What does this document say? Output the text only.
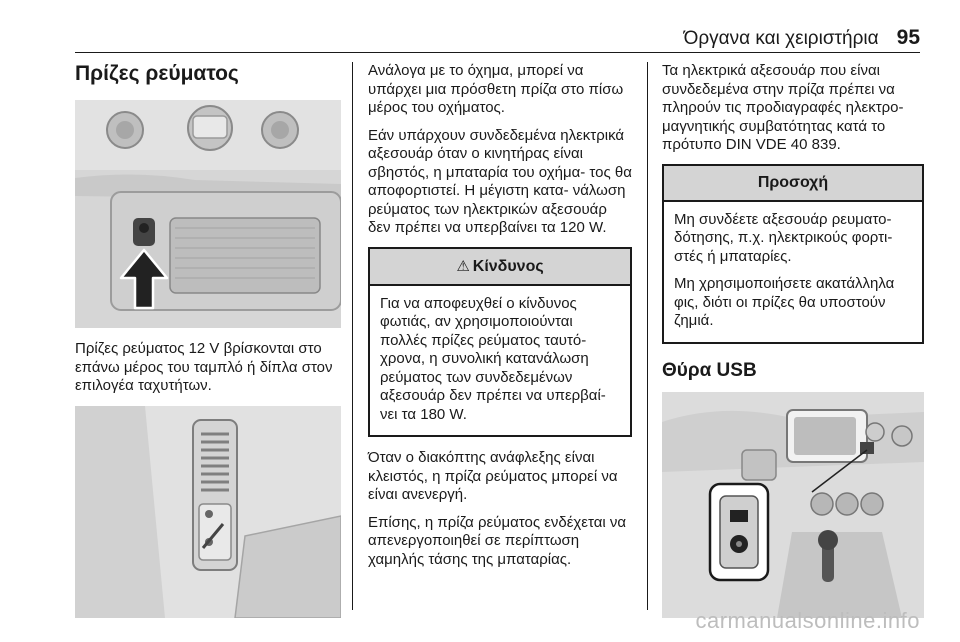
Όργανα και χειριστήρια 95
Πρίζες ρεύματος

Πρίζες ρεύματος 12 V βρίσκονται στο επάνω μέρος του ταμπλό ή δίπλα στον επιλογέα ταχυτήτων.

Ανάλογα με το όχημα, μπορεί να υπάρχει μια πρόσθετη πρίζα στο πίσω μέρος του οχήματος.

Εάν υπάρχουν συνδεδεμένα ηλεκτρικά αξεσουάρ όταν ο κινητήρας είναι σβηστός, η μπαταρία του οχήμα- τος θα αποφορτιστεί. Η μέγιστη κατα- νάλωση ρεύματος των ηλεκτρικών αξεσουάρ δεν πρέπει να υπερβαίνει τα 120 W.

⚠ Κίνδυνος

Για να αποφευχθεί ο κίνδυνος φωτιάς, αν χρησιμοποιούνται πολλές πρίζες ρεύματος ταυτό- χρονα, η συνολική κατανάλωση ρεύματος των συνδεδεμένων αξεσουάρ δεν πρέπει να υπερβαί- νει τα 180 W.

Όταν ο διακόπτης ανάφλεξης είναι κλειστός, η πρίζα ρεύματος μπορεί να είναι ανενεργή.

Επίσης, η πρίζα ρεύματος ενδέχεται να απενεργοποιηθεί σε περίπτωση χαμηλής τάσης της μπαταρίας.

Τα ηλεκτρικά αξεσουάρ που είναι συνδεδεμένα στην πρίζα πρέπει να πληρούν τις προδιαγραφές ηλεκτρο- μαγνητικής συμβατότητας κατά το πρότυπο DIN VDE 40 839.

Προσοχή

Μη συνδέετε αξεσουάρ ρευματο- δότησης, π.χ. ηλεκτρικούς φορτι- στές ή μπαταρίες.

Μη χρησιμοποιήσετε ακατάλληλα φις, διότι οι πρίζες θα υποστούν ζημιά.

Θύρα USB
carmanualsonline.info
